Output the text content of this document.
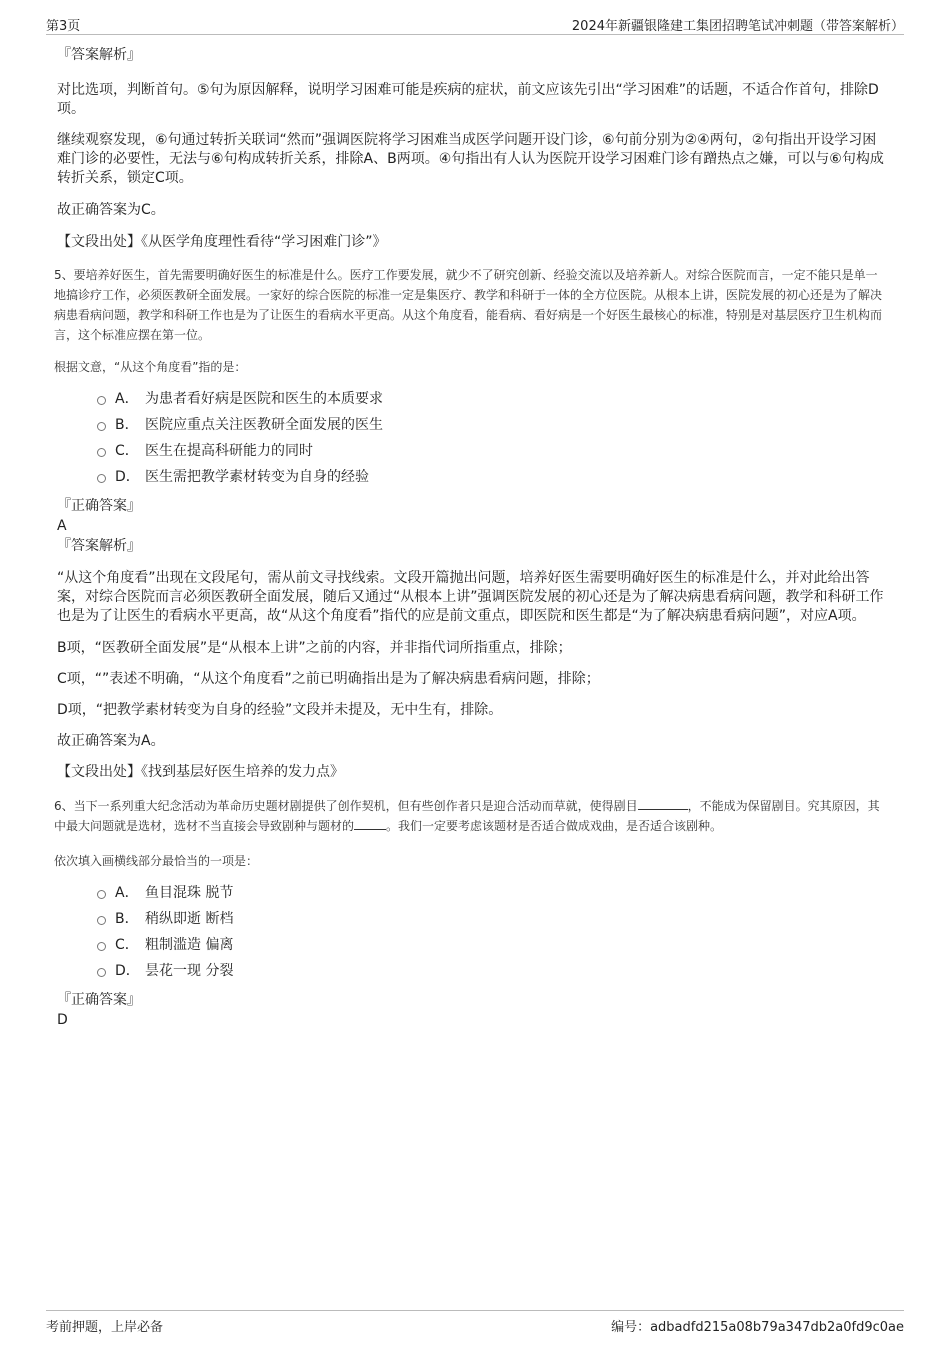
第3页	2024年新疆银隆建工集团招聘笔试冲刺题（带答案解析）

『答案解析』

对比选项，判断首句。⑤句为原因解释，说明学习困难可能是疾病的症状，前文应该先引出“学习困难”的话题，不适合作首句，排除D项。

继续观察发现，⑥句通过转折关联词“然而”强调医院将学习困难当成医学问题开设门诊，⑥句前分别为②④两句，②句指出开设学习困难门诊的必要性，无法与⑥句构成转折关系，排除A、B两项。④句指出有人认为医院开设学习困难门诊有蹭热点之嫌，可以与⑥句构成转折关系，锁定C项。

故正确答案为C。

【文段出处】《从医学角度理性看待“学习困难门诊”》

5、要培养好医生，首先需要明确好医生的标准是什么。医疗工作要发展，就少不了研究创新、经验交流以及培养新人。对综合医院而言，一定不能只是单一地搞诊疗工作，必须医教研全面发展。一家好的综合医院的标准一定是集医疗、教学和科研于一体的全方位医院。从根本上讲，医院发展的初心还是为了解决病患看病问题，教学和科研工作也是为了让医生的看病水平更高。从这个角度看，能看病、看好病是一个好医生最核心的标准，特别是对基层医疗卫生机构而言，这个标准应摆在第一位。

根据文意，“从这个角度看”指的是：

A． 为患者看好病是医院和医生的本质要求
B． 医院应重点关注医教研全面发展的医生
C． 医生在提高科研能力的同时
D． 医生需把教学素材转变为自身的经验

『正确答案』

A

『答案解析』

“从这个角度看”出现在文段尾句，需从前文寻找线索。文段开篇抛出问题，培养好医生需要明确好医生的标准是什么，并对此给出答案，对综合医院而言必须医教研全面发展，随后又通过“从根本上讲”强调医院发展的初心还是为了解决病患看病问题，教学和科研工作也是为了让医生的看病水平更高，故“从这个角度看”指代的应是前文重点，即医院和医生都是“为了解决病患看病问题”，对应A项。

B项，“医教研全面发展”是“从根本上讲”之前的内容，并非指代词所指重点，排除；

C项，“”表述不明确，“从这个角度看”之前已明确指出是为了解决病患看病问题，排除；

D项，“把教学素材转变为自身的经验”文段并未提及，无中生有，排除。

故正确答案为A。

【文段出处】《找到基层好医生培养的发力点》

6、当下一系列重大纪念活动为革命历史题材剧提供了创作契机，但有些创作者只是迎合活动而草就，使得剧目	，不能成为保留剧目。究其原因，其中最大问题就是选材，选材不当直接会导致剧种与题材的	。我们一定要考虑该题材是否适合做成戏曲，是否适合该剧种。

依次填入画横线部分最恰当的一项是：

A． 鱼目混珠 脱节
B． 稍纵即逝 断档
C． 粗制滥造 偏离
D． 昙花一现 分裂

『正确答案』

D

考前押题，上岸必备	编号：adbadfd215a08b79a347db2a0fd9c0ae
